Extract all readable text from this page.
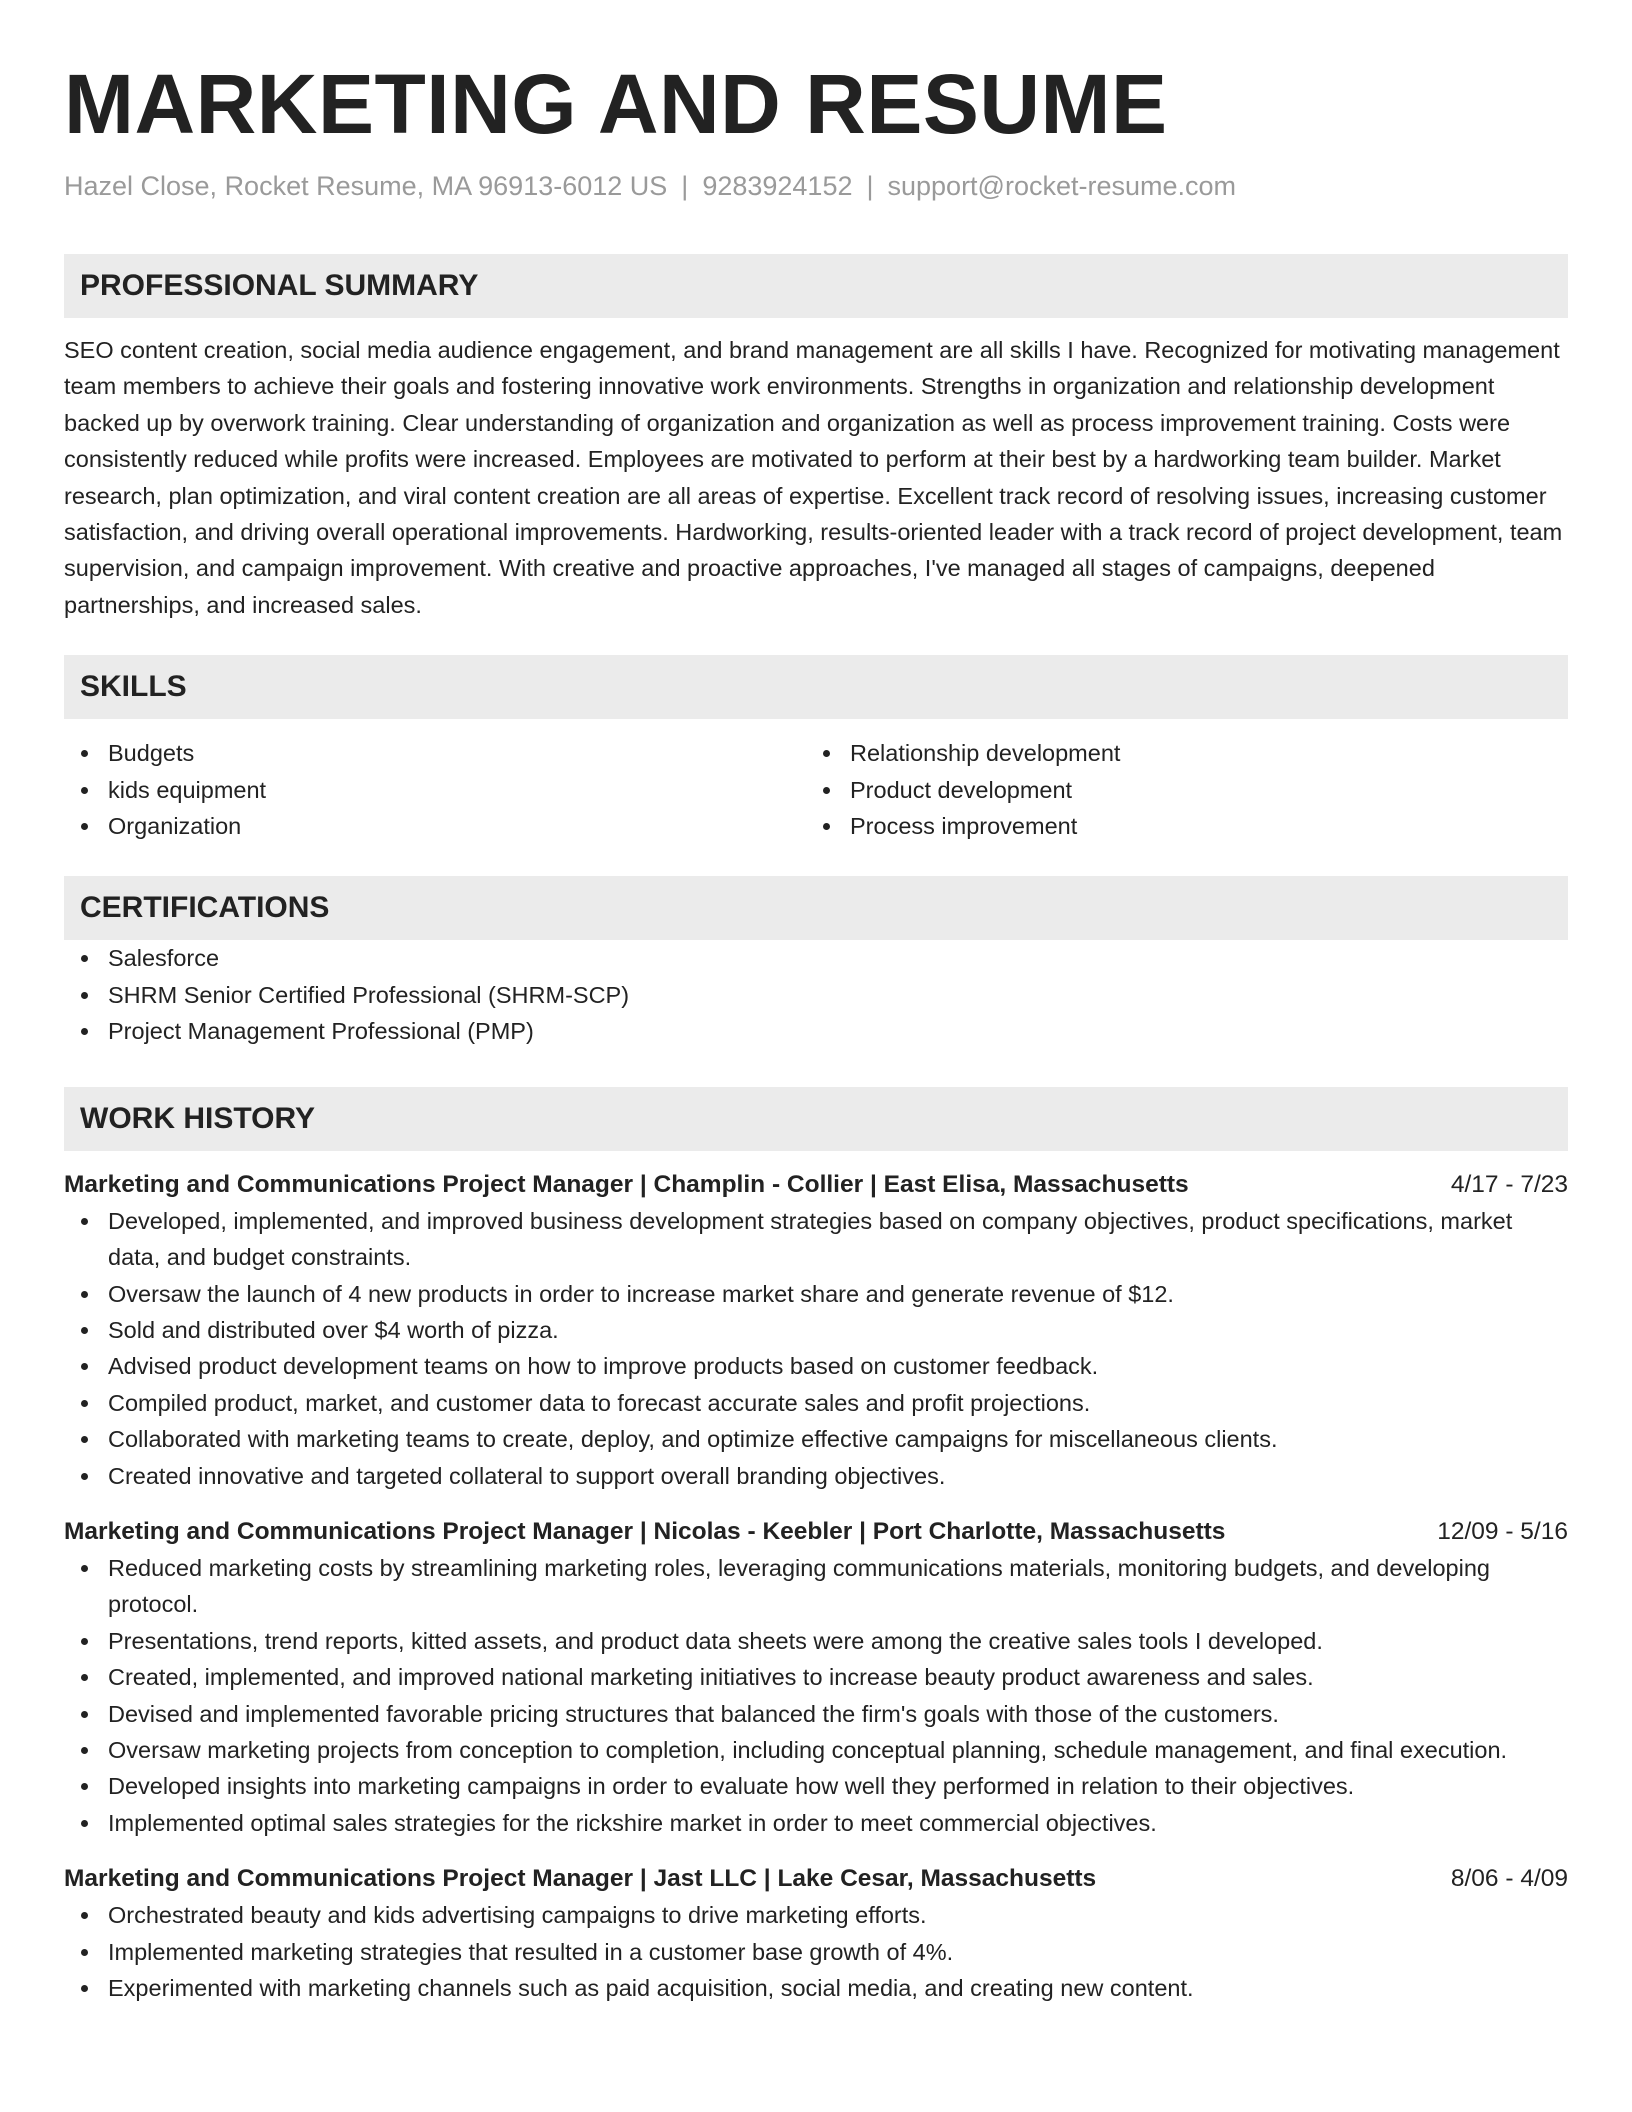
MARKETING AND RESUME
Hazel Close, Rocket Resume, MA 96913-6012 US | 9283924152 | support@rocket-resume.com
PROFESSIONAL SUMMARY
SEO content creation, social media audience engagement, and brand management are all skills I have. Recognized for motivating management team members to achieve their goals and fostering innovative work environments. Strengths in organization and relationship development backed up by overwork training. Clear understanding of organization and organization as well as process improvement training. Costs were consistently reduced while profits were increased. Employees are motivated to perform at their best by a hardworking team builder. Market research, plan optimization, and viral content creation are all areas of expertise. Excellent track record of resolving issues, increasing customer satisfaction, and driving overall operational improvements. Hardworking, results-oriented leader with a track record of project development, team supervision, and campaign improvement. With creative and proactive approaches, I've managed all stages of campaigns, deepened partnerships, and increased sales.
SKILLS
Budgets
kids equipment
Organization
Relationship development
Product development
Process improvement
CERTIFICATIONS
Salesforce
SHRM Senior Certified Professional (SHRM-SCP)
Project Management Professional (PMP)
WORK HISTORY
Marketing and Communications Project Manager | Champlin - Collier | East Elisa, Massachusetts	4/17 - 7/23
Developed, implemented, and improved business development strategies based on company objectives, product specifications, market data, and budget constraints.
Oversaw the launch of 4 new products in order to increase market share and generate revenue of $12.
Sold and distributed over $4 worth of pizza.
Advised product development teams on how to improve products based on customer feedback.
Compiled product, market, and customer data to forecast accurate sales and profit projections.
Collaborated with marketing teams to create, deploy, and optimize effective campaigns for miscellaneous clients.
Created innovative and targeted collateral to support overall branding objectives.
Marketing and Communications Project Manager | Nicolas - Keebler | Port Charlotte, Massachusetts	12/09 - 5/16
Reduced marketing costs by streamlining marketing roles, leveraging communications materials, monitoring budgets, and developing protocol.
Presentations, trend reports, kitted assets, and product data sheets were among the creative sales tools I developed.
Created, implemented, and improved national marketing initiatives to increase beauty product awareness and sales.
Devised and implemented favorable pricing structures that balanced the firm's goals with those of the customers.
Oversaw marketing projects from conception to completion, including conceptual planning, schedule management, and final execution.
Developed insights into marketing campaigns in order to evaluate how well they performed in relation to their objectives.
Implemented optimal sales strategies for the rickshire market in order to meet commercial objectives.
Marketing and Communications Project Manager | Jast LLC | Lake Cesar, Massachusetts	8/06 - 4/09
Orchestrated beauty and kids advertising campaigns to drive marketing efforts.
Implemented marketing strategies that resulted in a customer base growth of 4%.
Experimented with marketing channels such as paid acquisition, social media, and creating new content.
